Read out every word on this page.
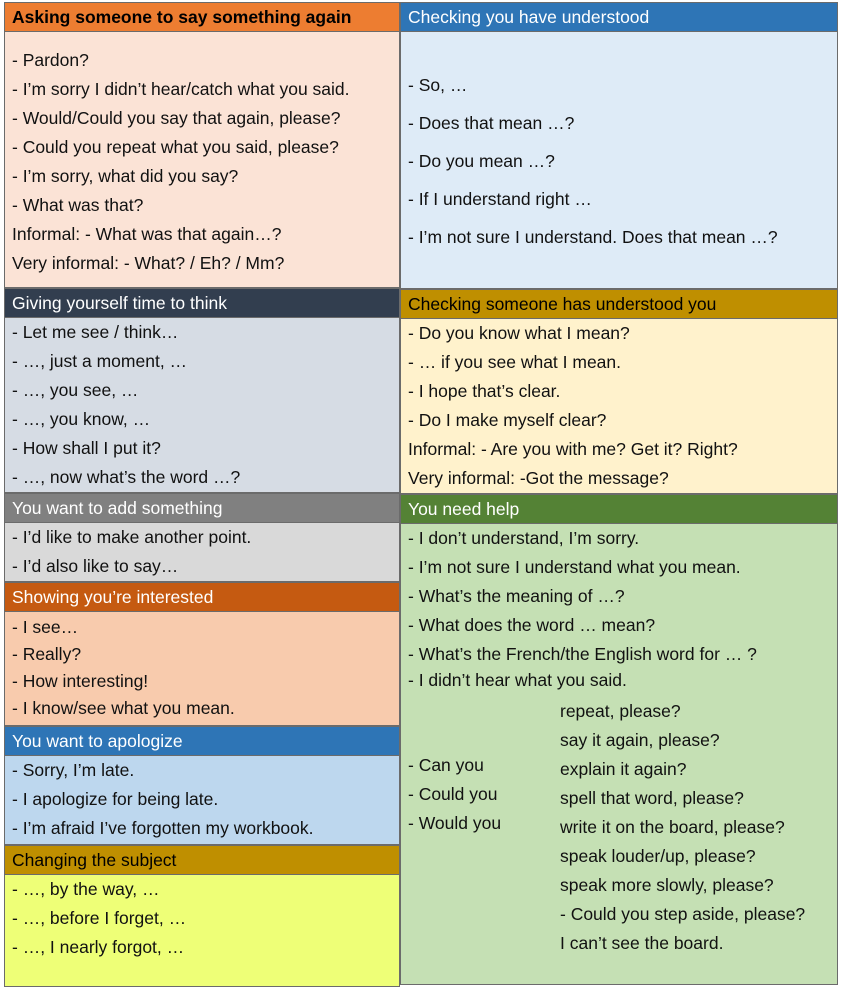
Asking someone to say something again
- Pardon?
- I’m sorry I didn’t hear/catch what you said.
- Would/Could you say that again, please?
- Could you repeat what you said, please?
- I’m sorry, what did you say?
- What was that?
Informal: - What was that again…?
Very informal: - What? / Eh? / Mm?
Giving yourself time to think
- Let me see / think…
- …, just a moment, …
- …, you see, …
- …, you know, …
- How shall I put it?
- …, now what’s the word …?
You want to add something
- I’d like to make another point.
- I’d also like to say…
Showing you’re interested
- I see…
- Really?
- How interesting!
- I know/see what you mean.
You want to apologize
- Sorry, I’m late.
- I apologize for being late.
- I’m afraid I’ve forgotten my workbook.
Changing the subject
- …, by the way, …
- …, before I forget, …
- …, I nearly forgot, …
Checking you have understood
- So, …
- Does that mean …?
- Do you mean …?
- If I understand right …
- I’m not sure I understand. Does that mean …?
Checking someone has understood you
- Do you know what I mean?
- … if you see what I mean.
- I hope that’s clear.
- Do I make myself clear?
Informal: - Are you with me? Get it? Right?
Very informal: -Got the message?
You need help
- I don’t understand, I’m sorry.
- I’m not sure I understand what you mean.
- What’s the meaning of …?
- What does the word … mean?
- What’s the French/the English word for … ?
- I didn’t hear what you said.
- Can you
- Could you
- Would you
repeat, please?
say it again, please?
explain it again?
spell that word, please?
write it on the board, please?
speak louder/up, please?
speak more slowly, please?
- Could you step aside, please?
I can’t see the board.
